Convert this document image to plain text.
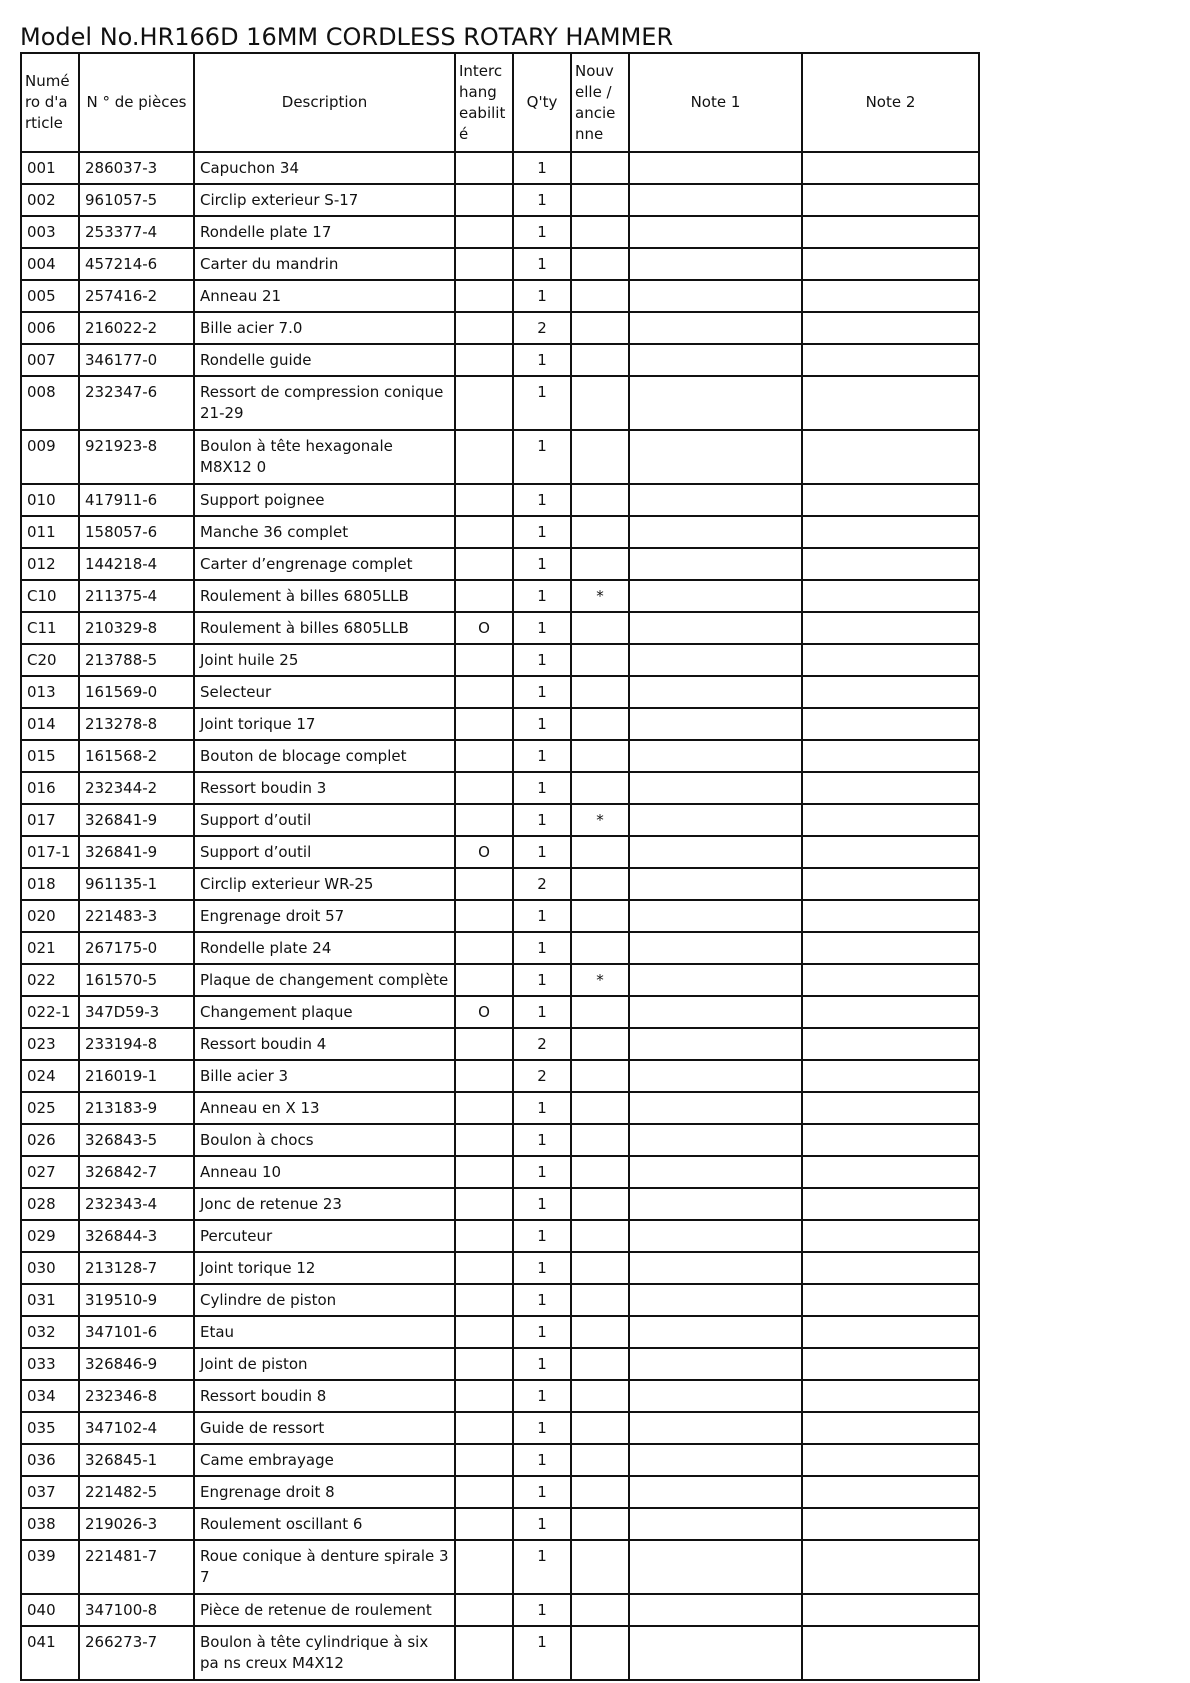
Model No.HR166D 16MM CORDLESS ROTARY HAMMER
Numé ro d'a rticle	N ° de pièces	Description	Interc hang eabilit é	Q'ty	Nouv elle / ancie nne	Note 1	Note 2
001	286037-3	Capuchon 34		1			
002	961057-5	Circlip exterieur S-17		1			
003	253377-4	Rondelle plate 17		1			
004	457214-6	Carter du mandrin		1			
005	257416-2	Anneau 21		1			
006	216022-2	Bille acier 7.0		2			
007	346177-0	Rondelle guide		1			
008	232347-6	Ressort de compression conique 21-29		1			
009	921923-8	Boulon à tête hexagonale M8X12 0		1			
010	417911-6	Support poignee		1			
011	158057-6	Manche 36 complet		1			
012	144218-4	Carter d’engrenage complet		1			
C10	211375-4	Roulement à billes 6805LLB		1	*		
C11	210329-8	Roulement à billes 6805LLB	O	1			
C20	213788-5	Joint huile 25		1			
013	161569-0	Selecteur		1			
014	213278-8	Joint torique 17		1			
015	161568-2	Bouton de blocage complet		1			
016	232344-2	Ressort boudin 3		1			
017	326841-9	Support d’outil		1	*		
017-1	326841-9	Support d’outil	O	1			
018	961135-1	Circlip exterieur WR-25		2			
020	221483-3	Engrenage droit 57		1			
021	267175-0	Rondelle plate 24		1			
022	161570-5	Plaque de changement complète		1	*		
022-1	347D59-3	Changement plaque	O	1			
023	233194-8	Ressort boudin 4		2			
024	216019-1	Bille acier 3		2			
025	213183-9	Anneau en X 13		1			
026	326843-5	Boulon à chocs		1			
027	326842-7	Anneau 10		1			
028	232343-4	Jonc de retenue 23		1			
029	326844-3	Percuteur		1			
030	213128-7	Joint torique 12		1			
031	319510-9	Cylindre de piston		1			
032	347101-6	Etau		1			
033	326846-9	Joint de piston		1			
034	232346-8	Ressort boudin 8		1			
035	347102-4	Guide de ressort		1			
036	326845-1	Came embrayage		1			
037	221482-5	Engrenage droit 8		1			
038	219026-3	Roulement oscillant 6		1			
039	221481-7	Roue conique à denture spirale 3 7		1			
040	347100-8	Pièce de retenue de roulement		1			
041	266273-7	Boulon à tête cylindrique à six pa ns creux M4X12		1			
